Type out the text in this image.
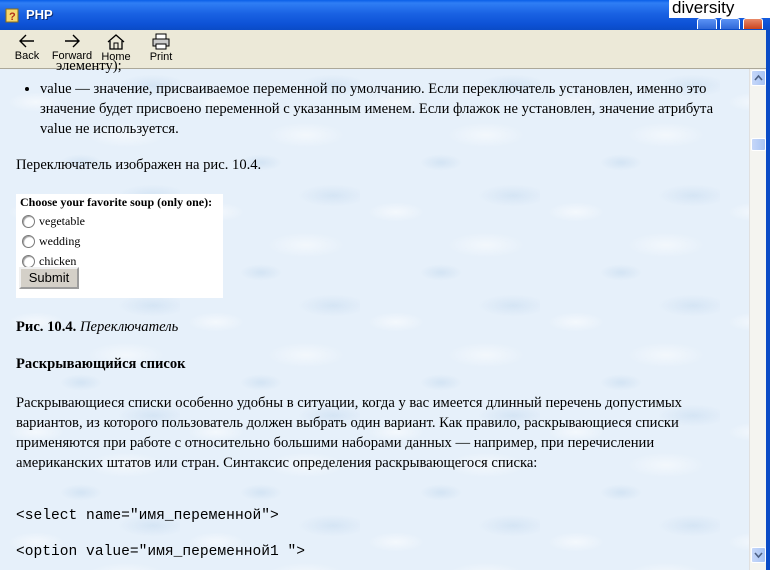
? PHP	diversity
Back	Forward Home	Print
элементу);
• value — значение, присваиваемое переменной по умолчанию. Если переключатель установлен, именно это значение будет присвоено переменной с указанным именем. Если флажок не установлен, значение атрибута value не используется.

Переключатель изображен на рис. 10.4.

Choose your favorite soup (only one):
vegetable
wedding
chicken
Submit

Рис. 10.4. Переключатель

Раскрывающийся список

Раскрывающиеся списки особенно удобны в ситуации, когда у вас имеется длинный перечень допустимых вариантов, из которого пользователь должен выбрать один вариант. Как правило, раскрывающиеся списки применяются при работе с относительно большими наборами данных — например, при перечислении американских штатов или стран. Синтаксис определения раскрывающегося списка:

<select name="имя_переменной">

<option value="имя_переменной1 ">
